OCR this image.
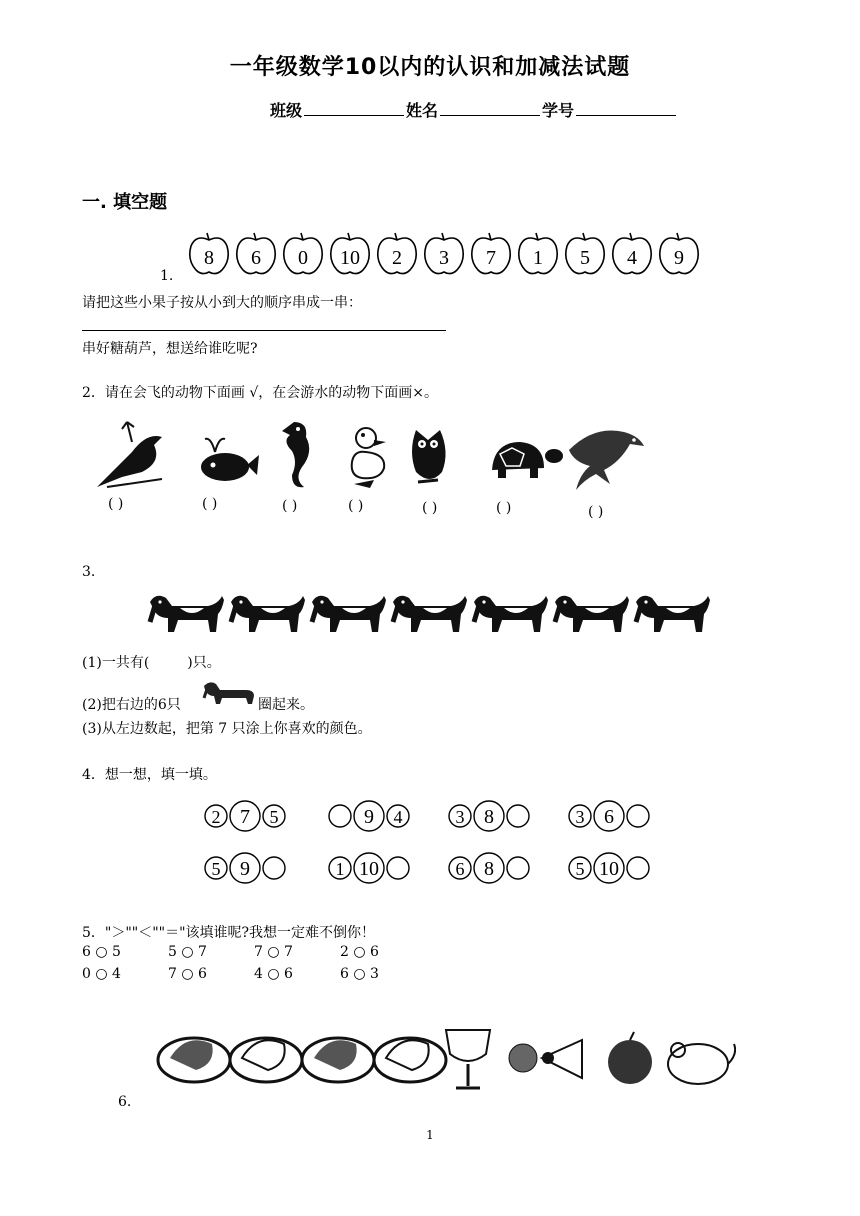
一年级数学10以内的认识和加减法试题
班级	姓名	学号
一. 填空题
8 6 0 10 2 3 7 1 5 4 9
1.
请把这些小果子按从小到大的顺序串成一串：
串好糖葫芦，想送给谁吃呢?
2．请在会飞的动物下面画 √，在会游水的动物下面画×。
( )	( )	( )	( )	( )	( )	( )
3.
(1)一共有(	)只。
(2)把右边的6只	圈起来。
(3)从左边数起，把第 7 只涂上你喜欢的颜色。
4．想一想，填一填。
2 7 5	9 4	3 8	3 6
5 9	1 10	6 8	5 10
5．"＞""＜""＝"该填谁呢?我想一定难不倒你！
6 ○ 5	5 ○ 7	7 ○ 7	2 ○ 6
0 ○ 4	7 ○ 6	4 ○ 6	6 ○ 3
6.
1
